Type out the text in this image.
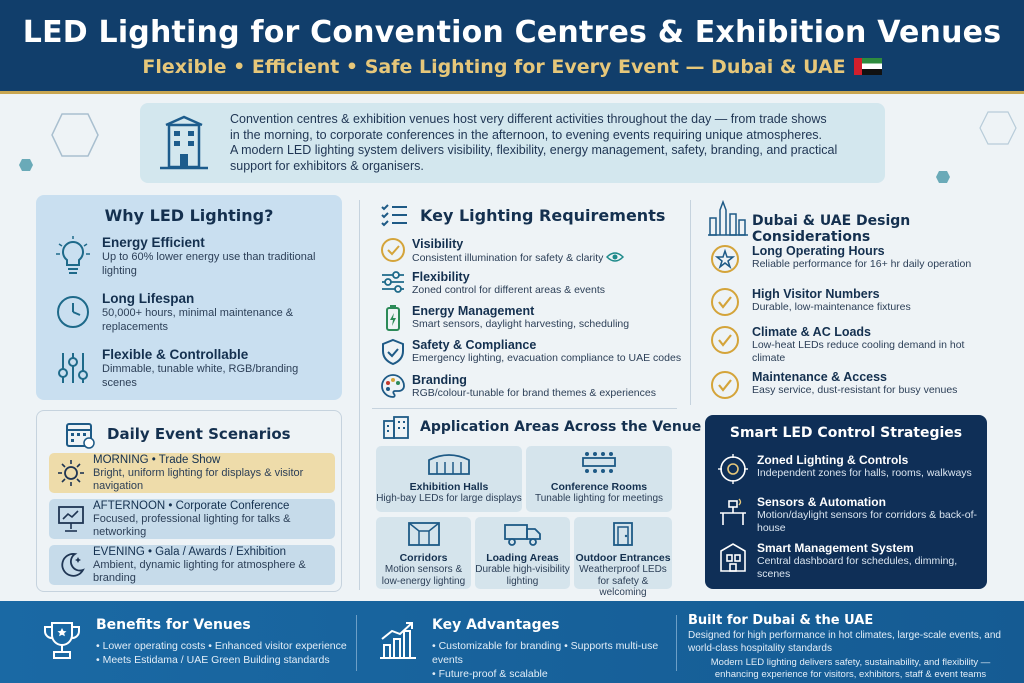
LED Lighting for Convention Centres & Exhibition Venues
Flexible • Efficient • Safe Lighting for Every Event — Dubai & UAE

Convention centres & exhibition venues host very different activities throughout the day — from trade shows
in the morning, to corporate conferences in the afternoon, to evening events requiring unique atmospheres.
A modern LED lighting system delivers visibility, flexibility, energy management, safety, branding, and practical
support for exhibitors & organisers.

Why LED Lighting?
Energy Efficient

Up to 60% lower energy use than traditional lighting

Long Lifespan

50,000+ hours, minimal maintenance & replacements

Flexible & Controllable

Dimmable, tunable white, RGB/branding scenes

Daily Event Scenarios
MORNING • Trade Show

Bright, uniform lighting for displays & visitor navigation

AFTERNOON • Corporate Conference

Focused, professional lighting for talks & networking

EVENING • Gala / Awards / Exhibition

Ambient, dynamic lighting for atmosphere & branding

Key Lighting Requirements
Visibility

Consistent illumination for safety & clarity

Flexibility

Zoned control for different areas & events

Energy Management

Smart sensors, daylight harvesting, scheduling

Safety & Compliance

Emergency lighting, evacuation compliance to UAE codes

Branding

RGB/colour-tunable for brand themes & experiences

Application Areas Across the Venue
Exhibition Halls

High-bay LEDs for large displays

Conference Rooms

Tunable lighting for meetings

Corridors

Motion sensors & low-energy lighting

Loading Areas

Durable high-visibility lighting

Outdoor Entrances

Weatherproof LEDs for safety & welcoming

Dubai & UAE Design Considerations
Long Operating Hours

Reliable performance for 16+ hr daily operation

High Visitor Numbers

Durable, low-maintenance fixtures

Climate & AC Loads

Low-heat LEDs reduce cooling demand in hot climate

Maintenance & Access

Easy service, dust-resistant for busy venues

Smart LED Control Strategies
Zoned Lighting & Controls

Independent zones for halls, rooms, walkways

Sensors & Automation

Motion/daylight sensors for corridors & back-of-house

Smart Management System

Central dashboard for schedules, dimming, scenes

Benefits for Venues

• Lower operating costs • Enhanced visitor experience
• Meets Estidama / UAE Green Building standards

Key Advantages

• Customizable for branding • Supports multi-use events
• Future-proof & scalable

Built for Dubai & the UAE

Designed for high performance in hot climates, large-scale events, and
world-class hospitality standards

Modern LED lighting delivers safety, sustainability, and flexibility —
enhancing experience for visitors, exhibitors, staff & event teams
